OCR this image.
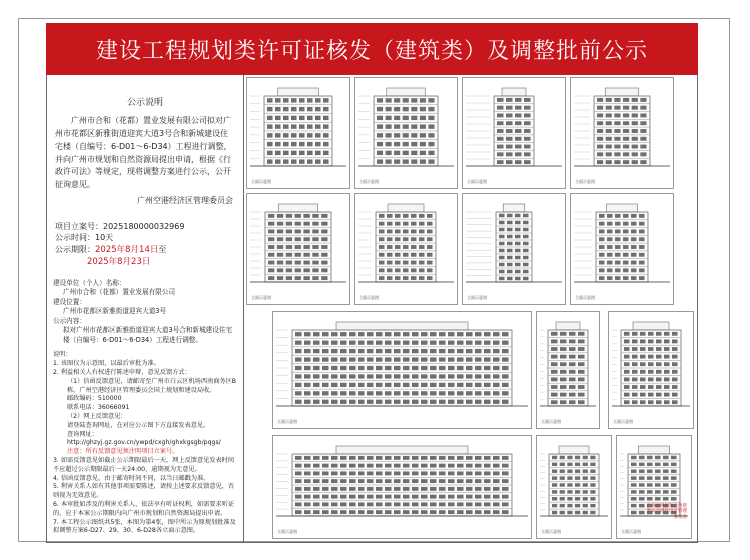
建设工程规划类许可证核发（建筑类）及调整批前公示
公示说明
广州市合和（花都）置业发展有限公司拟对广州市花都区新雅街道迎宾大道3号合和新城建设住宅楼（自编号：6-D01～6-D34）工程进行调整，并向广州市规划和自然资源局提出申请，根据《行政许可法》等规定，现将调整方案进行公示，公开征询意见。
广州空港经济区管理委员会
项目立案号：2025180000032969
公示时间：10天
公示期限：2025年8月14日至
2025年8月23日
建设单位（个人）名称：
广州市合和（花都）置业发展有限公司
建设位置：
广州市花都区新雅街道迎宾大道3号
公示内容：
拟对广州市花都区新雅街道迎宾大道3号合和新城建设住宅楼（自编号：6-D01～6-D34）工程进行调整。
说明：
1. 该图仅为示意图，以最后审批为准。
2. 利益相关人有权进行陈述申辩，意见反馈方式：
（1）信函反馈意见，请邮寄至广州市白云区机场西南商务区B栋，广州空港经济区管理委员会国土规划和建设局收。
邮政编码：510000
联系电话：36066091
（2）网上反馈意见：
请登陆查询网址，在对应公示图下方直接发表意见。
查询网址：
http://ghzyj.gz.gov.cn/ywpd/cxgh/ghxkgsgb/pqgs/
注意：所有反馈意见须注明项目立案号。
3. 如需反馈意见如截止公示期限最后一天，网上反馈意见发表时间不应超过公示期限最后一天24:00，逾期视为无意见。
4. 信函反馈意见，由于邮寄时间不同，以当日邮戳为准。
5. 利害关系人如有其他事项需要陈述，请按上述要求反馈意见，否则视为无效意见。
6. 本审批如涉及的利害关系人、依法享有听证权利，如需要求听证的，应于本案公示期限内向广州市规划和自然资源局提出申请。
7. 本工程公示图纸共5张，本图为第4张，图中所示为原规划批准及拟调整方案6-D27、29、30、6-D28各立面示意图。
立面示意图	立面示意图	立面示意图	立面示意图
立面示意图	立面示意图	立面示意图	立面示意图
立面示意图	立面示意图	立面示意图
立面示意图	立面示意图	立面示意图
广州市规划和自然资源局空港经济区管理委员会
